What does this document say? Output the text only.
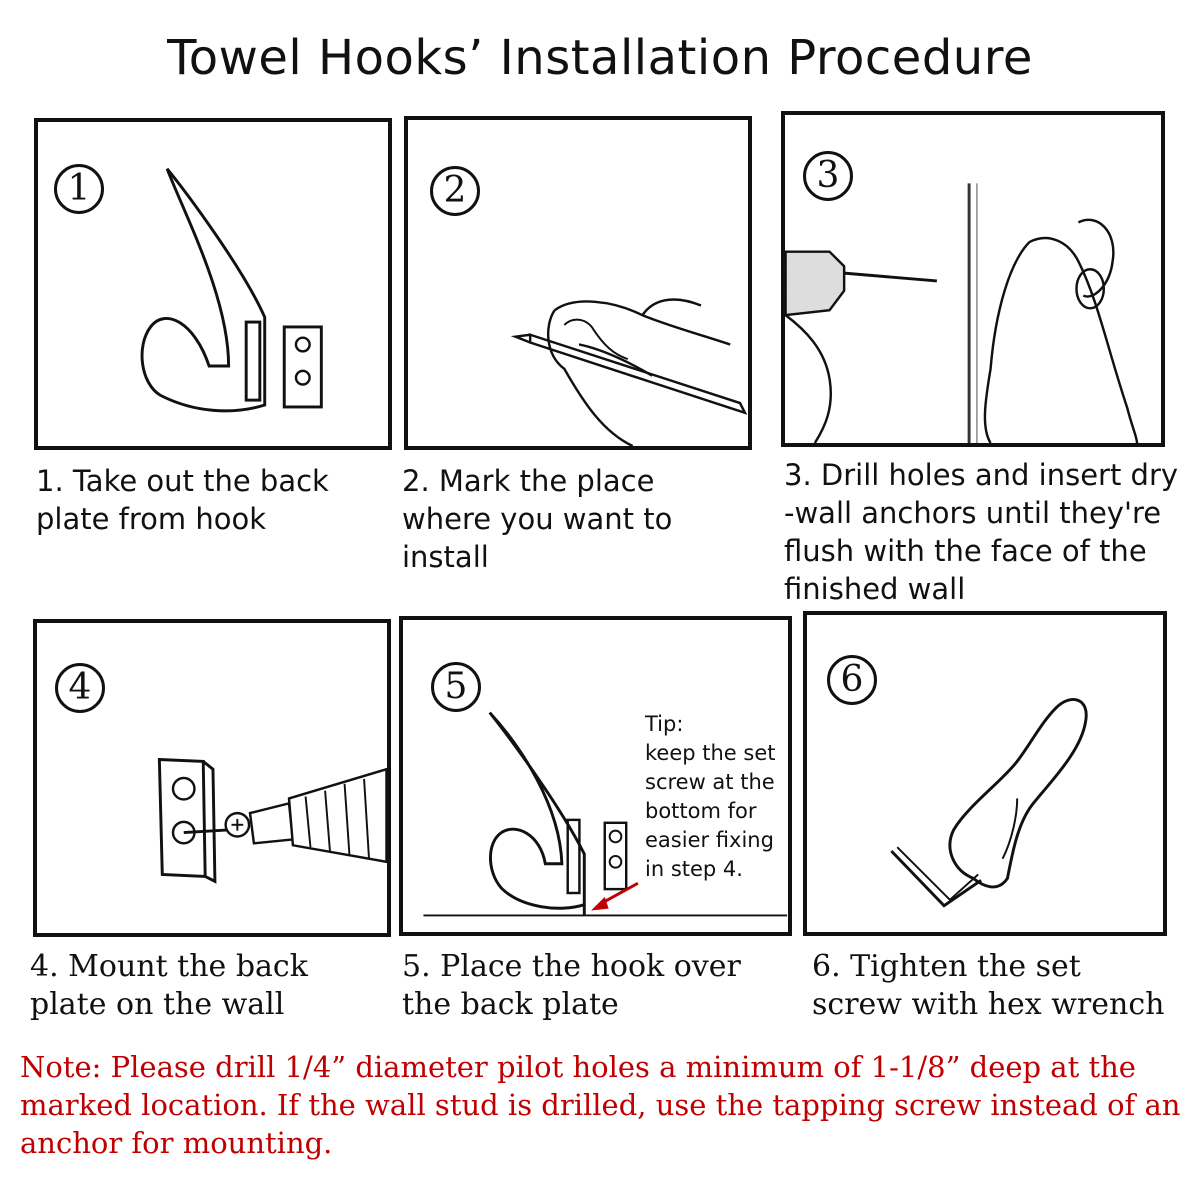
Towel Hooks’ Installation Procedure
1
1. Take out the back plate from hook
2
2. Mark the place where you want to install
3
3. Drill holes and insert dry -wall anchors until they're flush with the face of the finished wall
4
4. Mount the back plate on the wall
5
Tip:
keep the set screw at the bottom for easier fixing in step 4.
5. Place the hook over the back plate
6
6. Tighten the set screw with hex wrench
Note: Please drill 1/4” diameter pilot holes a minimum of 1-1/8” deep at the marked location. If the wall stud is drilled, use the tapping screw instead of an anchor for mounting.
